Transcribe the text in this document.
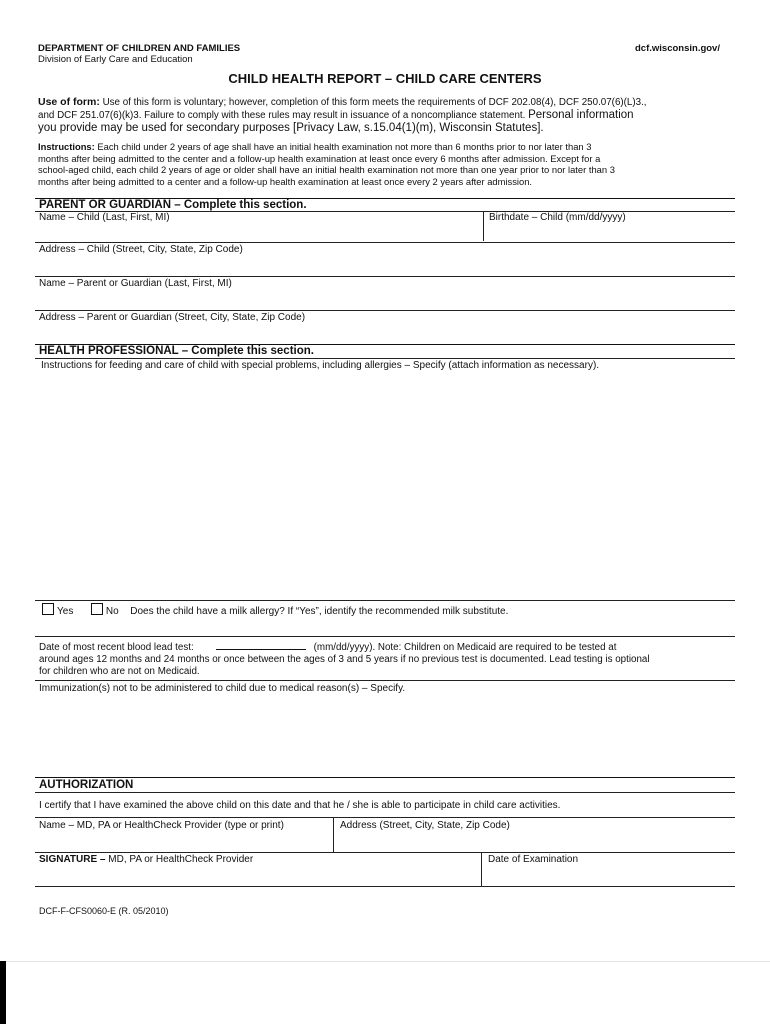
DEPARTMENT OF CHILDREN AND FAMILIES
Division of Early Care and Education
dcf.wisconsin.gov/
CHILD HEALTH REPORT – CHILD CARE CENTERS
Use of form: Use of this form is voluntary; however, completion of this form meets the requirements of DCF 202.08(4), DCF 250.07(6)(L)3.,
and DCF 251.07(6)(k)3. Failure to comply with these rules may result in issuance of a noncompliance statement. Personal information
you provide may be used for secondary purposes [Privacy Law, s.15.04(1)(m), Wisconsin Statutes].
Instructions: Each child under 2 years of age shall have an initial health examination not more than 6 months prior to nor later than 3
months after being admitted to the center and a follow-up health examination at least once every 6 months after admission. Except for a
school-aged child, each child 2 years of age or older shall have an initial health examination not more than one year prior to nor later than 3
months after being admitted to a center and a follow-up health examination at least once every 2 years after admission.
PARENT OR GUARDIAN – Complete this section.
Name – Child (Last, First, MI)	Birthdate – Child (mm/dd/yyyy)
Address – Child (Street, City, State, Zip Code)
Name – Parent or Guardian (Last, First, MI)
Address – Parent or Guardian (Street, City, State, Zip Code)
HEALTH PROFESSIONAL – Complete this section.
Instructions for feeding and care of child with special problems, including allergies – Specify (attach information as necessary).
Yes	No Does the child have a milk allergy? If “Yes”, identify the recommended milk substitute.
Date of most recent blood lead test:	(mm/dd/yyyy). Note: Children on Medicaid are required to be tested at
around ages 12 months and 24 months or once between the ages of 3 and 5 years if no previous test is documented. Lead testing is optional
for children who are not on Medicaid.
Immunization(s) not to be administered to child due to medical reason(s) – Specify.
AUTHORIZATION
I certify that I have examined the above child on this date and that he / she is able to participate in child care activities.
Name – MD, PA or HealthCheck Provider (type or print)	Address (Street, City, State, Zip Code)
SIGNATURE – MD, PA or HealthCheck Provider	Date of Examination
DCF-F-CFS0060-E (R. 05/2010)
